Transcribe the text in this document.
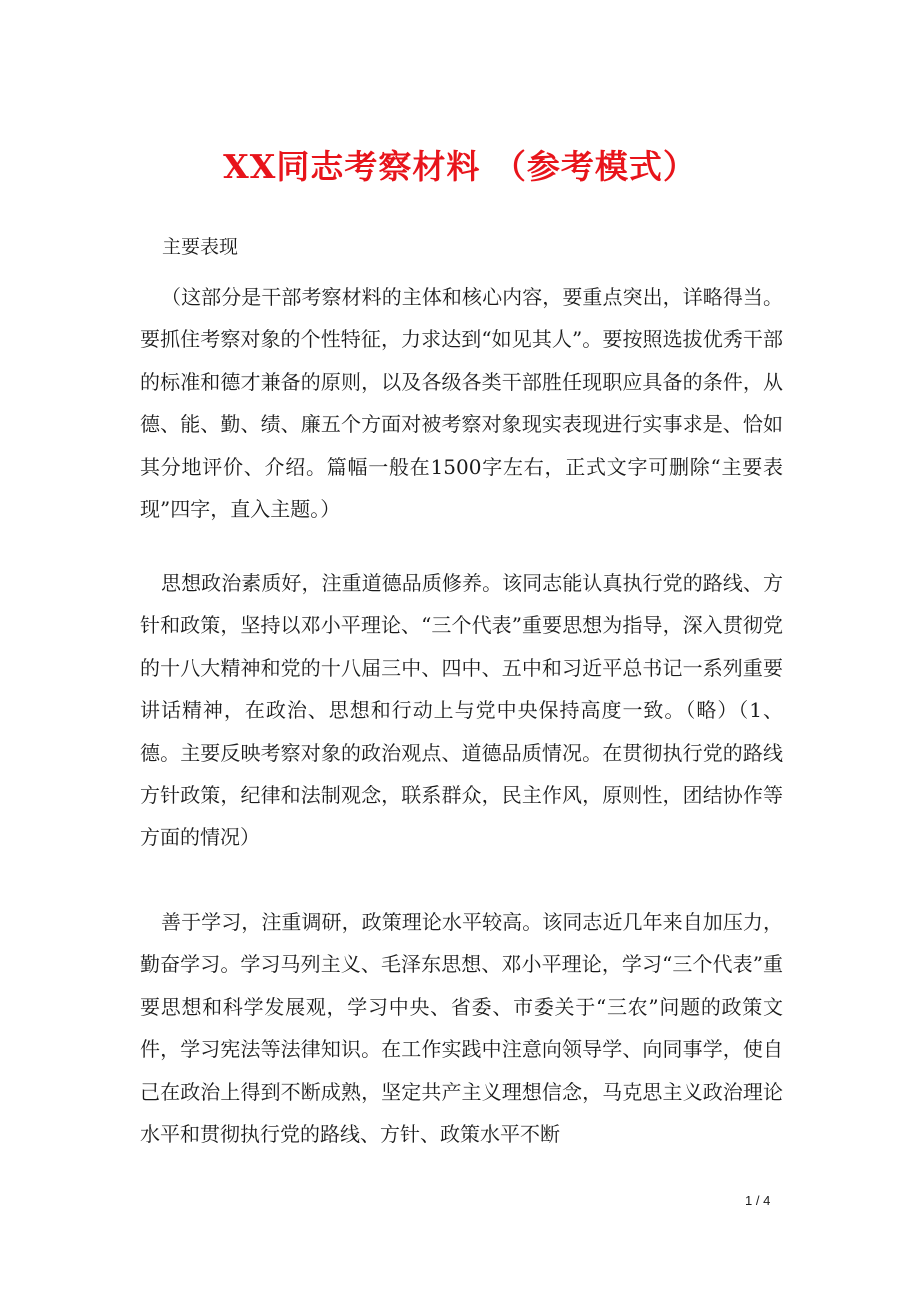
XX同志考察材料 （参考模式）

主要表现

（这部分是干部考察材料的主体和核心内容，要重点突出，详略得当。要抓住考察对象的个性特征，力求达到“如见其人”。要按照选拔优秀干部的标准和德才兼备的原则，以及各级各类干部胜任现职应具备的条件，从德、能、勤、绩、廉五个方面对被考察对象现实表现进行实事求是、恰如其分地评价、介绍。篇幅一般在1500字左右，正式文字可删除“主要表现”四字，直入主题。）

思想政治素质好，注重道德品质修养。该同志能认真执行党的路线、方针和政策，坚持以邓小平理论、“三个代表”重要思想为指导，深入贯彻党的十八大精神和党的十八届三中、四中、五中和习近平总书记一系列重要讲话精神，在政治、思想和行动上与党中央保持高度一致。（略）（1、德。主要反映考察对象的政治观点、道德品质情况。在贯彻执行党的路线方针政策，纪律和法制观念，联系群众，民主作风，原则性，团结协作等方面的情况）

善于学习，注重调研，政策理论水平较高。该同志近几年来自加压力，勤奋学习。学习马列主义、毛泽东思想、邓小平理论，学习“三个代表”重要思想和科学发展观，学习中央、省委、市委关于“三农”问题的政策文件，学习宪法等法律知识。在工作实践中注意向领导学、向同事学，使自己在政治上得到不断成熟，坚定共产主义理想信念，马克思主义政治理论水平和贯彻执行党的路线、方针、政策水平不断

1 / 4
